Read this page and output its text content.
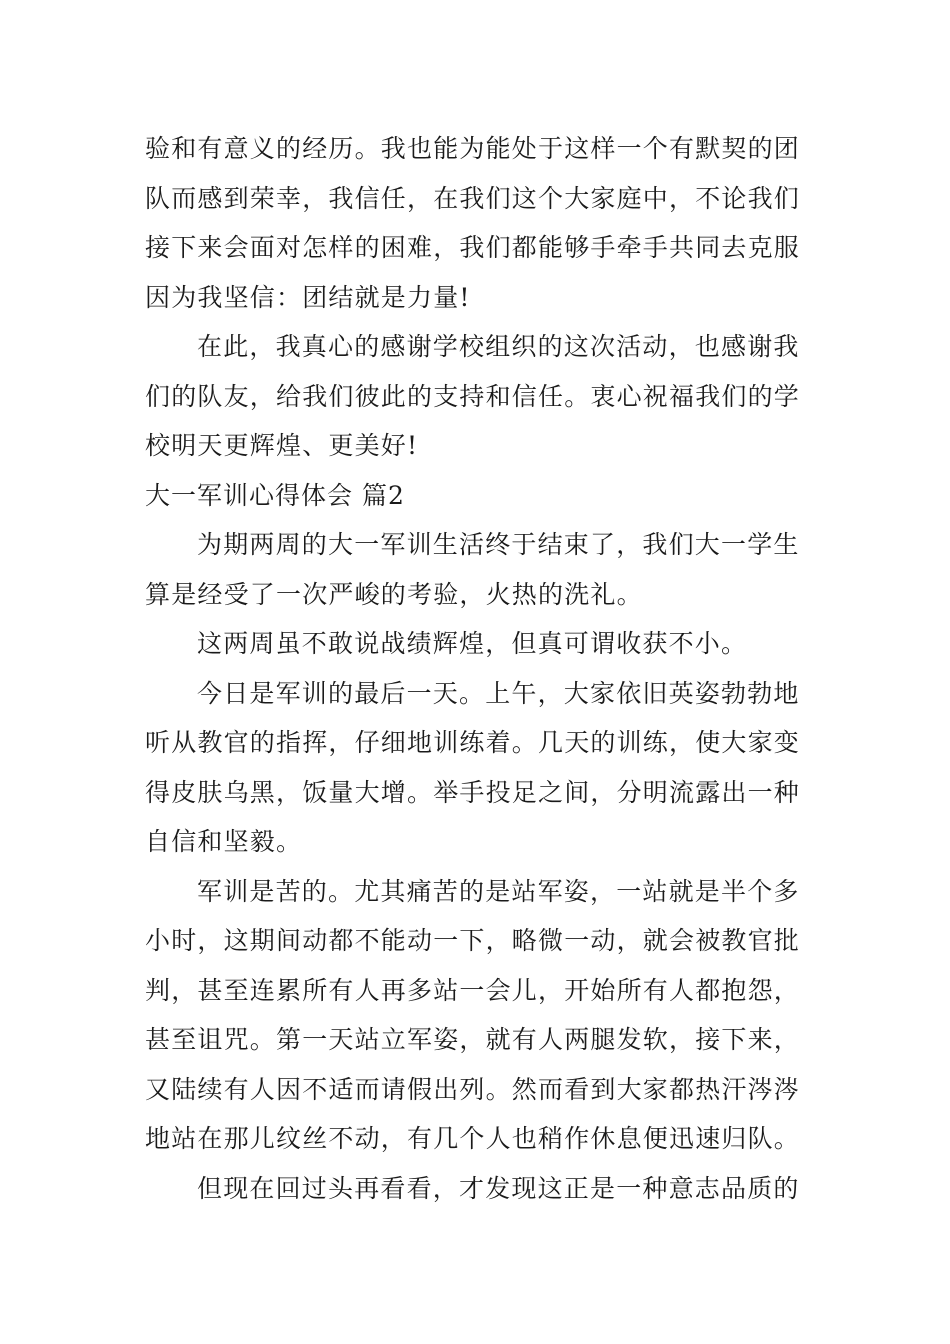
验和有意义的经历。我也能为能处于这样一个有默契的团
队而感到荣幸，我信任，在我们这个大家庭中，不论我们
接下来会面对怎样的困难，我们都能够手牵手共同去克服
因为我坚信：团结就是力量!
在此，我真心的感谢学校组织的这次活动，也感谢我
们的队友，给我们彼此的支持和信任。衷心祝福我们的学
校明天更辉煌、更美好!
大一军训心得体会 篇2
为期两周的大一军训生活终于结束了，我们大一学生
算是经受了一次严峻的考验，火热的洗礼。
这两周虽不敢说战绩辉煌，但真可谓收获不小。
今日是军训的最后一天。上午，大家依旧英姿勃勃地
听从教官的指挥，仔细地训练着。几天的训练，使大家变
得皮肤乌黑，饭量大增。举手投足之间，分明流露出一种
自信和坚毅。
军训是苦的。尤其痛苦的是站军姿，一站就是半个多
小时，这期间动都不能动一下，略微一动，就会被教官批
判，甚至连累所有人再多站一会儿，开始所有人都抱怨，
甚至诅咒。第一天站立军姿，就有人两腿发软，接下来，
又陆续有人因不适而请假出列。然而看到大家都热汗涔涔
地站在那儿纹丝不动，有几个人也稍作休息便迅速归队。
但现在回过头再看看，才发现这正是一种意志品质的
